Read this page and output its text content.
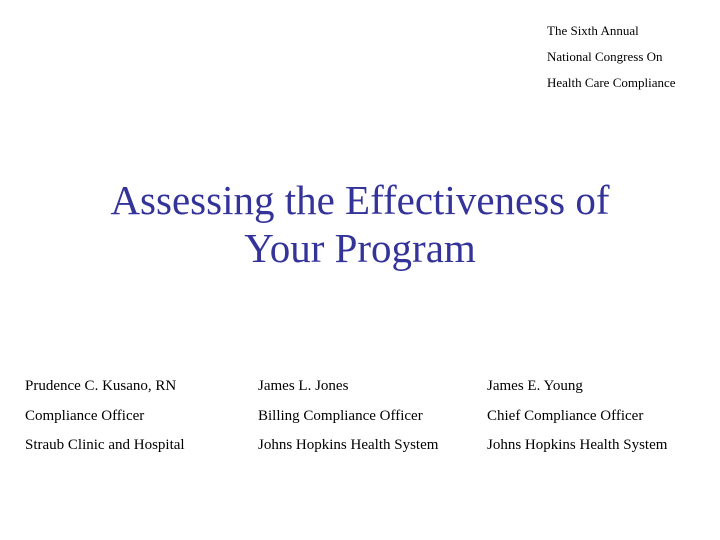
The Sixth Annual
National Congress On
Health Care Compliance
Assessing the Effectiveness of
Your Program
Prudence C. Kusano, RN
Compliance Officer
Straub Clinic and Hospital
James L. Jones
Billing Compliance Officer
Johns Hopkins Health System
James E. Young
Chief Compliance Officer
Johns Hopkins Health System
